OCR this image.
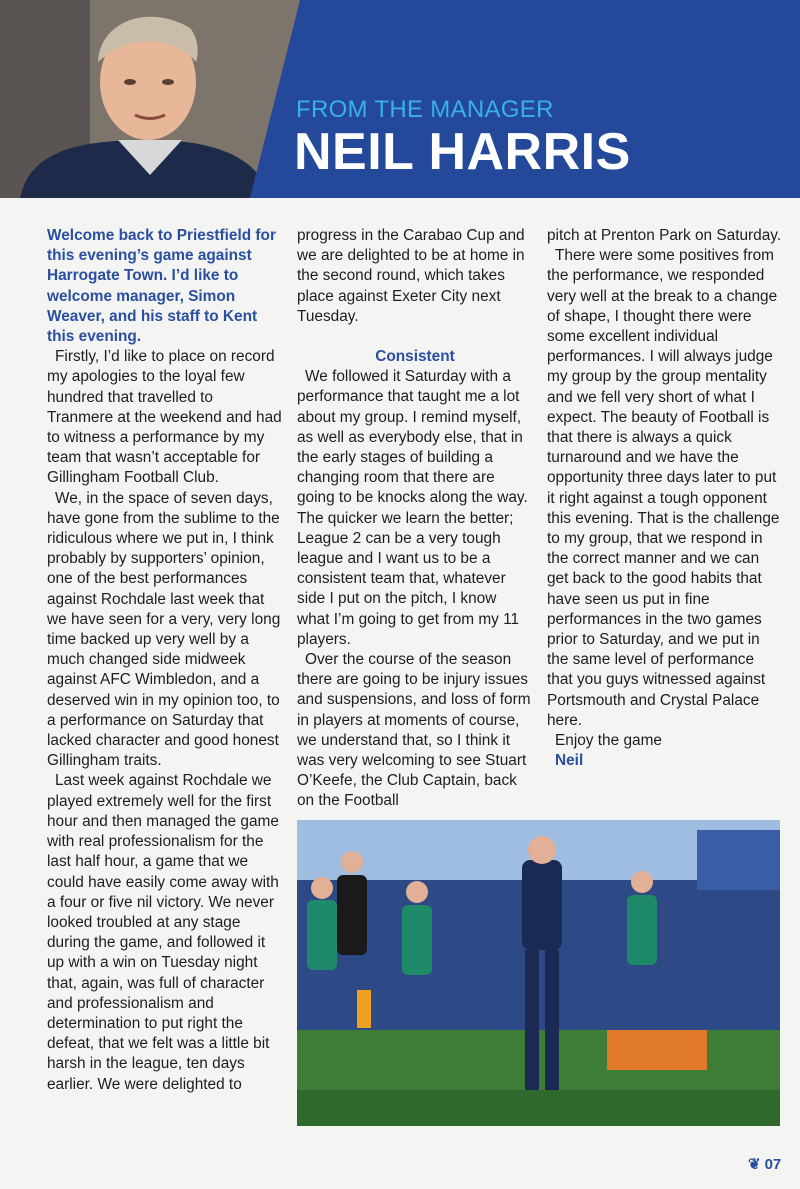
FROM THE MANAGER
NEIL HARRIS

Welcome back to Priestfield for this evening’s game against Harrogate Town. I’d like to welcome manager, Simon Weaver, and his staff to Kent this evening.

Firstly, I’d like to place on record my apologies to the loyal few hundred that travelled to Tranmere at the weekend and had to witness a performance by my team that wasn’t acceptable for Gillingham Football Club.

We, in the space of seven days, have gone from the sublime to the ridiculous where we put in, I think probably by supporters’ opinion, one of the best performances against Rochdale last week that we have seen for a very, very long time backed up very well by a much changed side midweek against AFC Wimbledon, and a deserved win in my opinion too, to a performance on Saturday that lacked character and good honest Gillingham traits.

Last week against Rochdale we played extremely well for the first hour and then managed the game with real professionalism for the last half hour, a game that we could have easily come away with a four or five nil victory. We never looked troubled at any stage during the game, and followed it up with a win on Tuesday night that, again, was full of character and professionalism and determination to put right the defeat, that we felt was a little bit harsh in the league, ten days earlier. We were delighted to

progress in the Carabao Cup and we are delighted to be at home in the second round, which takes place against Exeter City next Tuesday.

Consistent

We followed it Saturday with a performance that taught me a lot about my group. I remind myself, as well as everybody else, that in the early stages of building a changing room that there are going to be knocks along the way. The quicker we learn the better; League 2 can be a very tough league and I want us to be a consistent team that, whatever side I put on the pitch, I know what I’m going to get from my 11 players.

Over the course of the season there are going to be injury issues and suspensions, and loss of form in players at moments of course, we understand that, so I think it was very welcoming to see Stuart O’Keefe, the Club Captain, back on the Football

pitch at Prenton Park on Saturday.

There were some positives from the performance, we responded very well at the break to a change of shape, I thought there were some excellent individual performances. I will always judge my group by the group mentality and we fell very short of what I expect. The beauty of Football is that there is always a quick turnaround and we have the opportunity three days later to put it right against a tough opponent this evening. That is the challenge to my group, that we respond in the correct manner and we can get back to the good habits that have seen us put in fine performances in the two games prior to Saturday, and we put in the same level of performance that you guys witnessed against Portsmouth and Crystal Palace here.

Enjoy the game

Neil

❦ 07
